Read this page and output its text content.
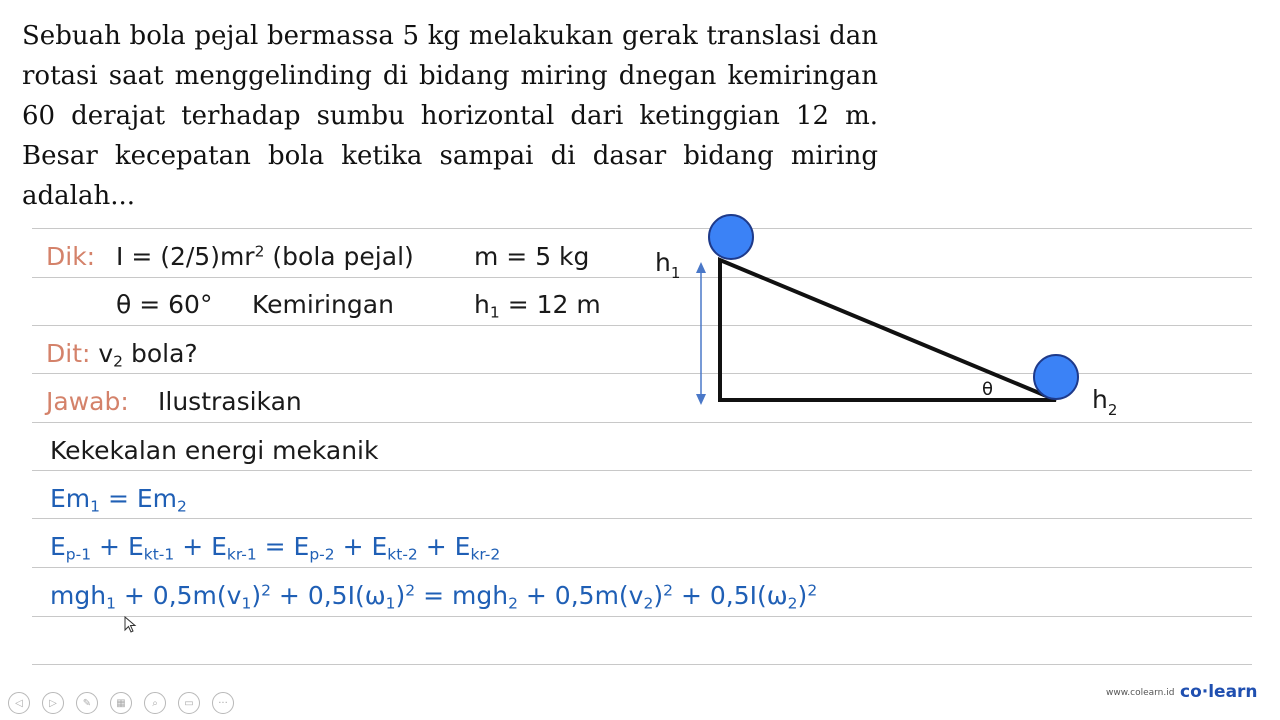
Sebuah bola pejal bermassa 5 kg melakukan gerak translasi dan rotasi saat menggelinding di bidang miring dnegan kemiringan 60 derajat terhadap sumbu horizontal dari ketinggian 12 m. Besar kecepatan bola ketika sampai di dasar bidang miring adalah...
Dik: $I = (2/5)mr^2$ (bola pejal) m = 5 kg
θ = 60° Kemiringan	$h_1 = 12$ m
Dit: $v_2$ bola?
Jawab: Ilustrasikan
$h_1$
$h_2$
θ
Kekekalan energi mekanik
$Em_1 = Em_2$
$E_{p-1} + E_{kt-1} + E_{kr-1} = E_{p-2} + E_{kt-2} + E_{kr-2}$
$mgh_1 + 0,5m(v_1)^2 + 0,5I(\omega_1)^2 = mgh_2 + 0,5m(v_2)^2 + 0,5I(\omega_2)^2$
◁	▷	✎	▦	⌕	▭	···
www.colearn.id co·learn
